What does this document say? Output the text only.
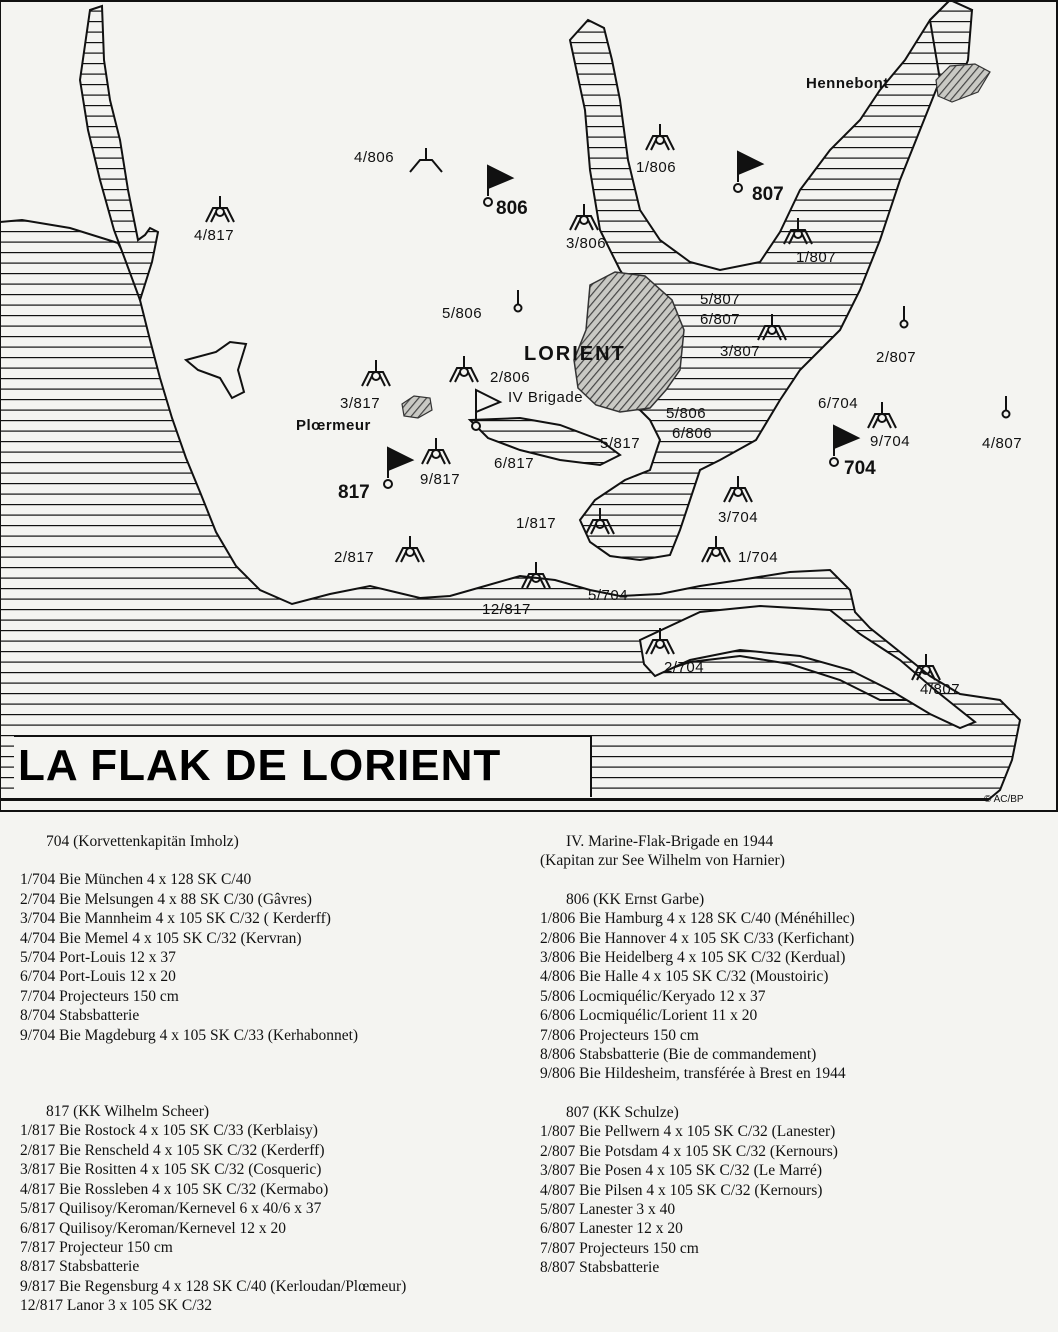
LORIENT
Hennebont
Plœrmeur
IV Brigade
© AC/BP
806
807
817
704
4/806
1/806
3/806
5/806
2/806
4/817
3/817
9/817
6/817
2/817
1/817
12/817
5/704
1/704
3/704
2/704
4/807
1/807
5/807
6/807
3/807	2/807
6/704
9/704	4/807
5/806
6/806
5/817
LA FLAK DE LORIENT
704 (Korvettenkapitän Imholz)
1/704 Bie München 4 x 128 SK C/40
2/704 Bie Melsungen 4 x 88 SK C/30 (Gâvres)
3/704 Bie Mannheim 4 x 105 SK C/32 ( Kerderff)
4/704 Bie Memel 4 x 105 SK C/32 (Kervran)
5/704 Port-Louis 12 x 37
6/704 Port-Louis 12 x 20
7/704 Projecteurs 150 cm
8/704 Stabsbatterie
9/704 Bie Magdeburg 4 x 105 SK C/33 (Kerhabonnet)
817 (KK Wilhelm Scheer)
1/817 Bie Rostock 4 x 105 SK C/33 (Kerblaisy)
2/817 Bie Renscheld 4 x 105 SK C/32 (Kerderff)
3/817 Bie Rositten 4 x 105 SK C/32 (Cosqueric)
4/817 Bie Rossleben 4 x 105 SK C/32 (Kermabo)
5/817 Quilisoy/Keroman/Kernevel 6 x 40/6 x 37
6/817 Quilisoy/Keroman/Kernevel 12 x 20
7/817 Projecteur 150 cm
8/817 Stabsbatterie
9/817 Bie Regensburg 4 x 128 SK C/40 (Kerloudan/Plœmeur)
12/817 Lanor 3 x 105 SK C/32
IV. Marine-Flak-Brigade en 1944
(Kapitan zur See Wilhelm von Harnier)
806 (KK Ernst Garbe)
1/806 Bie Hamburg 4 x 128 SK C/40 (Ménéhillec)
2/806 Bie Hannover 4 x 105 SK C/33 (Kerfichant)
3/806 Bie Heidelberg 4 x 105 SK C/32 (Kerdual)
4/806 Bie Halle 4 x 105 SK C/32 (Moustoiric)
5/806 Locmiquélic/Keryado 12 x 37
6/806 Locmiquélic/Lorient 11 x 20
7/806 Projecteurs 150 cm
8/806 Stabsbatterie (Bie de commandement)
9/806 Bie Hildesheim, transférée à Brest en 1944
807 (KK Schulze)
1/807 Bie Pellwern 4 x 105 SK C/32 (Lanester)
2/807 Bie Potsdam 4 x 105 SK C/32 (Kernours)
3/807 Bie Posen 4 x 105 SK C/32 (Le Marré)
4/807 Bie Pilsen 4 x 105 SK C/32 (Kernours)
5/807 Lanester 3 x 40
6/807 Lanester 12 x 20
7/807 Projecteurs 150 cm
8/807 Stabsbatterie
